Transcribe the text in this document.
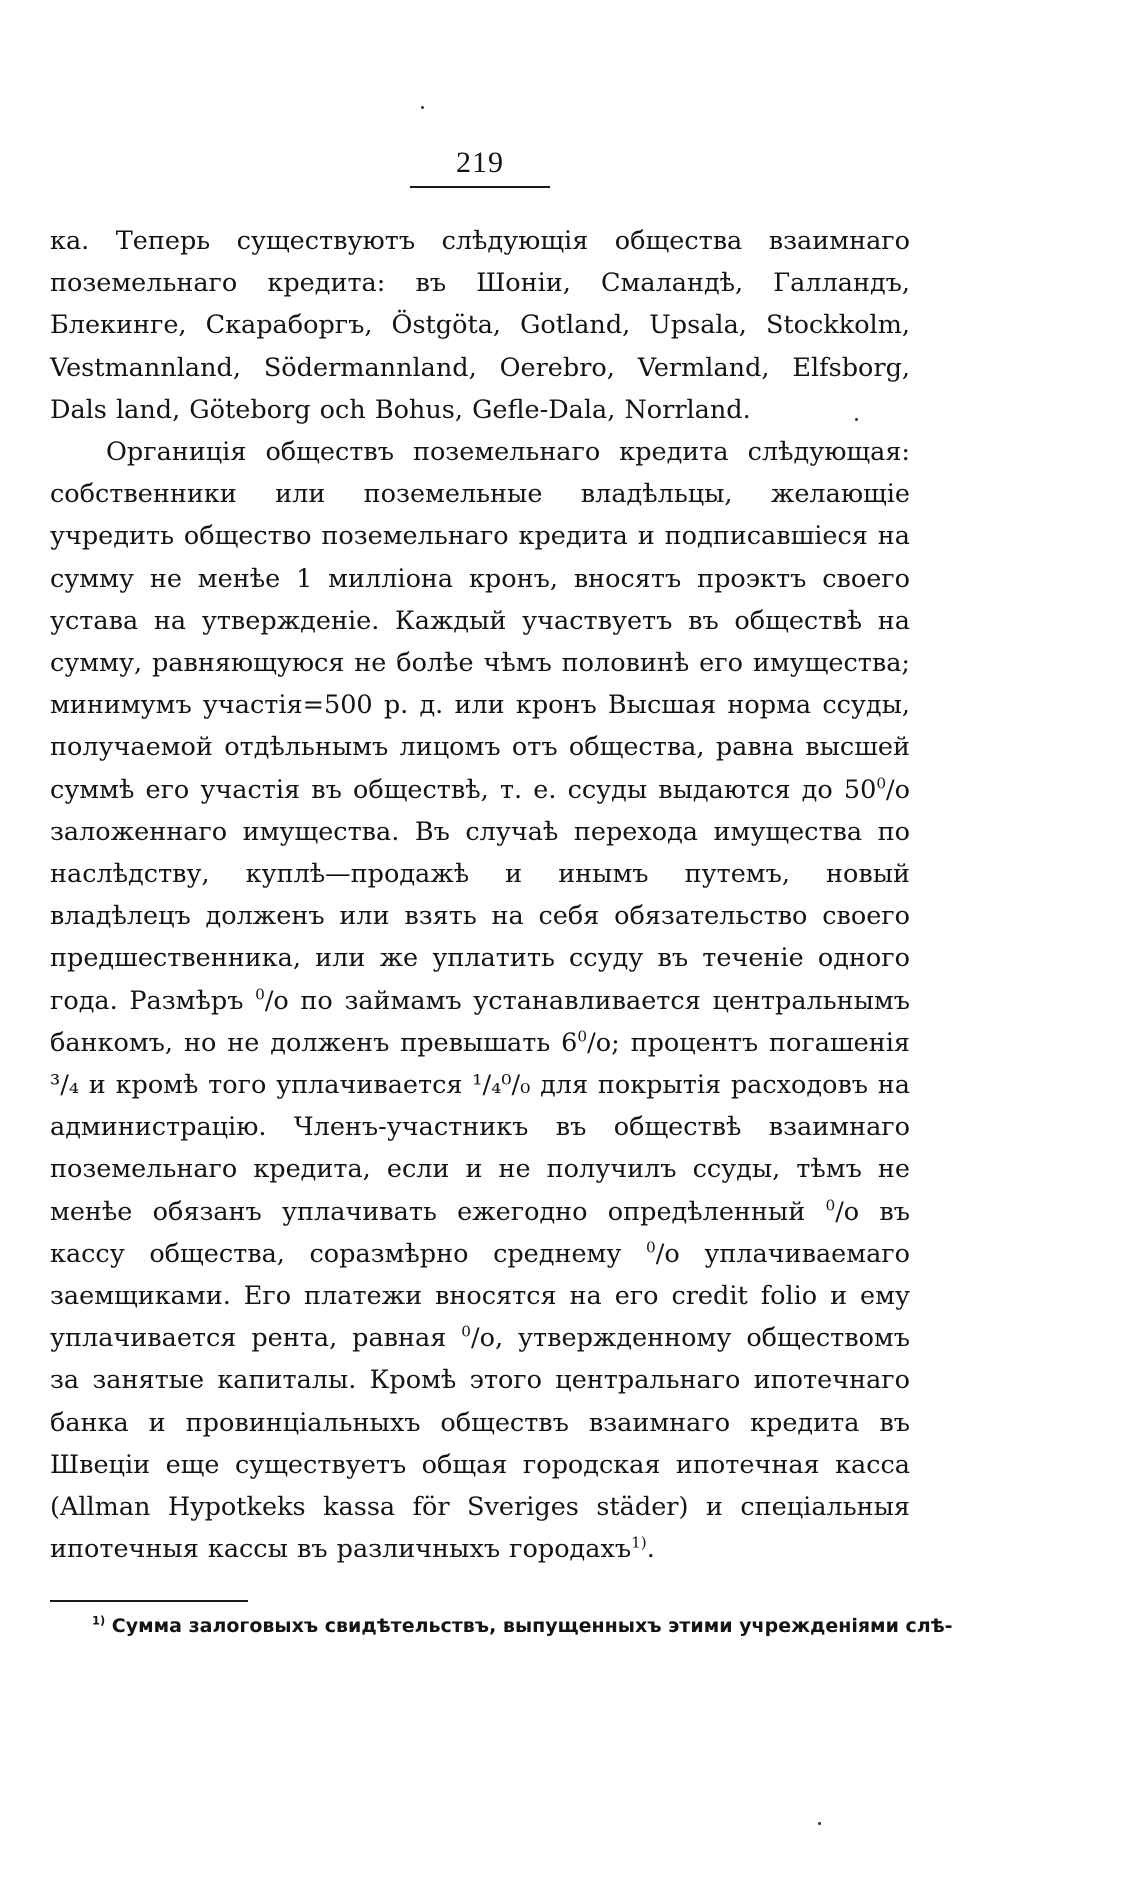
219

ка. Теперь существуютъ слѣдующія общества взаимнаго поземельнаго кредита: въ Шоніи, Смаландѣ, Галландъ, Блекинге, Скараборгъ, Östgöta, Gotland, Upsala, Stockkolm, Vestmannland, Södermannland, Oerebro, Vermland, Elfsborg, Dals land, Göteborg och Bohus, Gefle-Dala, Norrland.

Органиція обществъ поземельнаго кредита слѣдующая: собственники или поземельные владѣльцы, желающіе учредить общество поземельнаго кредита и подписавшіеся на сумму не менѣе 1 милліона кронъ, вносятъ проэктъ своего устава на утвержденіе. Каждый участвуетъ въ обществѣ на сумму, равняющуюся не болѣе чѣмъ половинѣ его имущества; минимумъ участія=500 р. д. или кронъ Высшая норма ссуды, получаемой отдѣльнымъ лицомъ отъ общества, равна высшей суммѣ его участія въ обществѣ, т. е. ссуды выдаются до $50^0/o$ заложеннаго имущества. Въ случаѣ перехода имущества по наслѣдству, куплѣ—продажѣ и инымъ путемъ, новый владѣлецъ долженъ или взять на себя обязательство своего предшественника, или же уплатить ссуду въ теченіе одного года. Размѣръ $^0$/o по займамъ устанавливается центральнымъ банкомъ, но не долженъ превышать $6^0/o$; процентъ погашенія ³/₄ и кромѣ того уплачивается ¹/₄⁰/₀ для покрытія расходовъ на администрацію. Членъ-участникъ въ обществѣ взаимнаго поземельнаго кредита, если и не получилъ ссуды, тѣмъ не менѣе обязанъ уплачивать ежегодно опредѣленный $^0$/o въ кассу общества, соразмѣрно среднему $^0$/o уплачиваемаго заемщиками. Его платежи вносятся на его credit folio и ему уплачивается рента, равная $^0$/o, утвержденному обществомъ за занятые капиталы. Кромѣ этого центральнаго ипотечнаго банка и провинціальныхъ обществъ взаимнаго кредита въ Швеціи еще существуетъ общая городская ипотечная касса (Allman Hypotkeks kassa för Sveriges städer) и спеціальныя ипотечныя кассы въ различныхъ городахъ$^{1)}$.

$^{1)}$ Сумма залоговыхъ свидѣтельствъ, выпущенныхъ этими учрежденіями слѣ-
